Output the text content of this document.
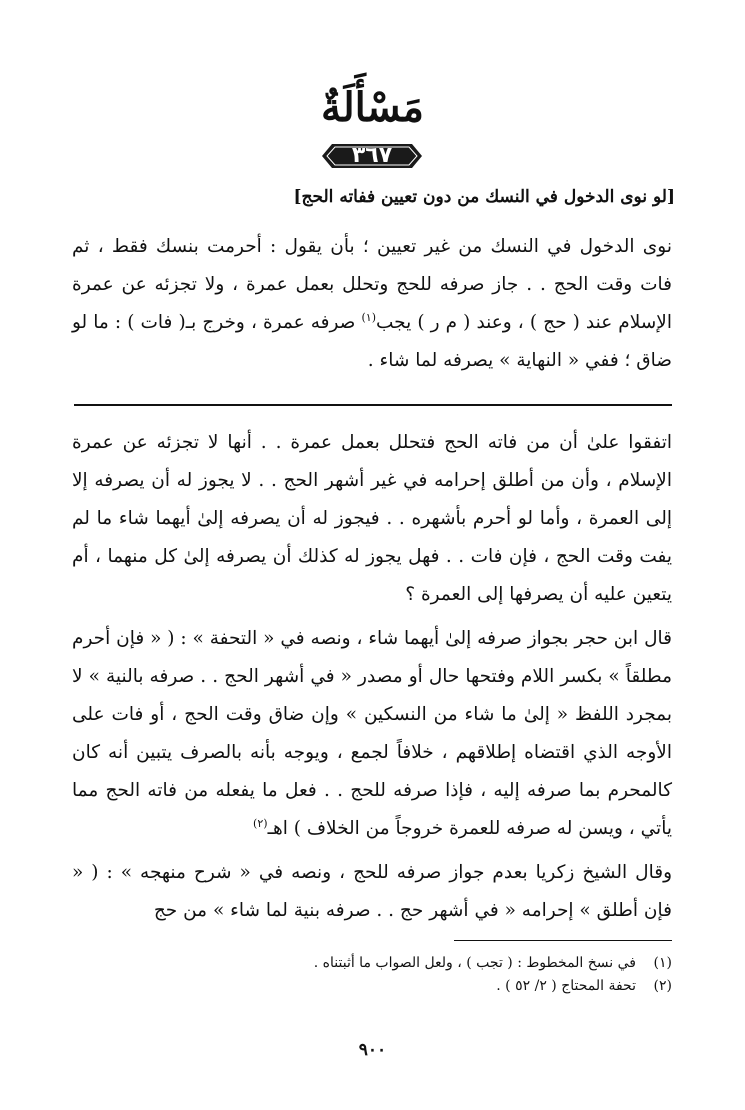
مَسْأَلَةٌ
٣٦٧
[لو نوى الدخول في النسك من دون تعيين ففاته الحج]

نوى الدخول في النسك من غير تعيين ؛ بأن يقول : أحرمت بنسك فقط ، ثم فات وقت الحج . . جاز صرفه للحج وتحلل بعمل عمرة ، ولا تجزئه عن عمرة الإسلام عند ( حج ) ، وعند ( م ر ) يجب$^{(١)}$ صرفه عمرة ، وخرج بـ( فات ) : ما لو ضاق ؛ ففي « النهاية » يصرفه لما شاء .

اتفقوا علىٰ أن من فاته الحج فتحلل بعمل عمرة . . أنها لا تجزئه عن عمرة الإسلام ، وأن من أطلق إحرامه في غير أشهر الحج . . لا يجوز له أن يصرفه إلا إلى العمرة ، وأما لو أحرم بأشهره . . فيجوز له أن يصرفه إلىٰ أيهما شاء ما لم يفت وقت الحج ، فإن فات . . فهل يجوز له كذلك أن يصرفه إلىٰ كل منهما ، أم يتعين عليه أن يصرفها إلى العمرة ؟

قال ابن حجر بجواز صرفه إلىٰ أيهما شاء ، ونصه في « التحفة » : ( « فإن أحرم مطلقاً » بكسر اللام وفتحها حال أو مصدر « في أشهر الحج . . صرفه بالنية » لا بمجرد اللفظ « إلىٰ ما شاء من النسكين » وإن ضاق وقت الحج ، أو فات على الأوجه الذي اقتضاه إطلاقهم ، خلافاً لجمع ، ويوجه بأنه بالصرف يتبين أنه كان كالمحرم بما صرفه إليه ، فإذا صرفه للحج . . فعل ما يفعله من فاته الحج مما يأتي ، ويسن له صرفه للعمرة خروجاً من الخلاف ) اهـ$^{(٢)}$

وقال الشيخ زكريا بعدم جواز صرفه للحج ، ونصه في « شرح منهجه » : ( « فإن أطلق » إحرامه « في أشهر حج . . صرفه بنية لما شاء » من حج

(١)
في نسخ المخطوط : ( تجب ) ، ولعل الصواب ما أثبتناه .
(٢)
تحفة المحتاج ( ٢/ ٥٢ ) .
٩٠٠
